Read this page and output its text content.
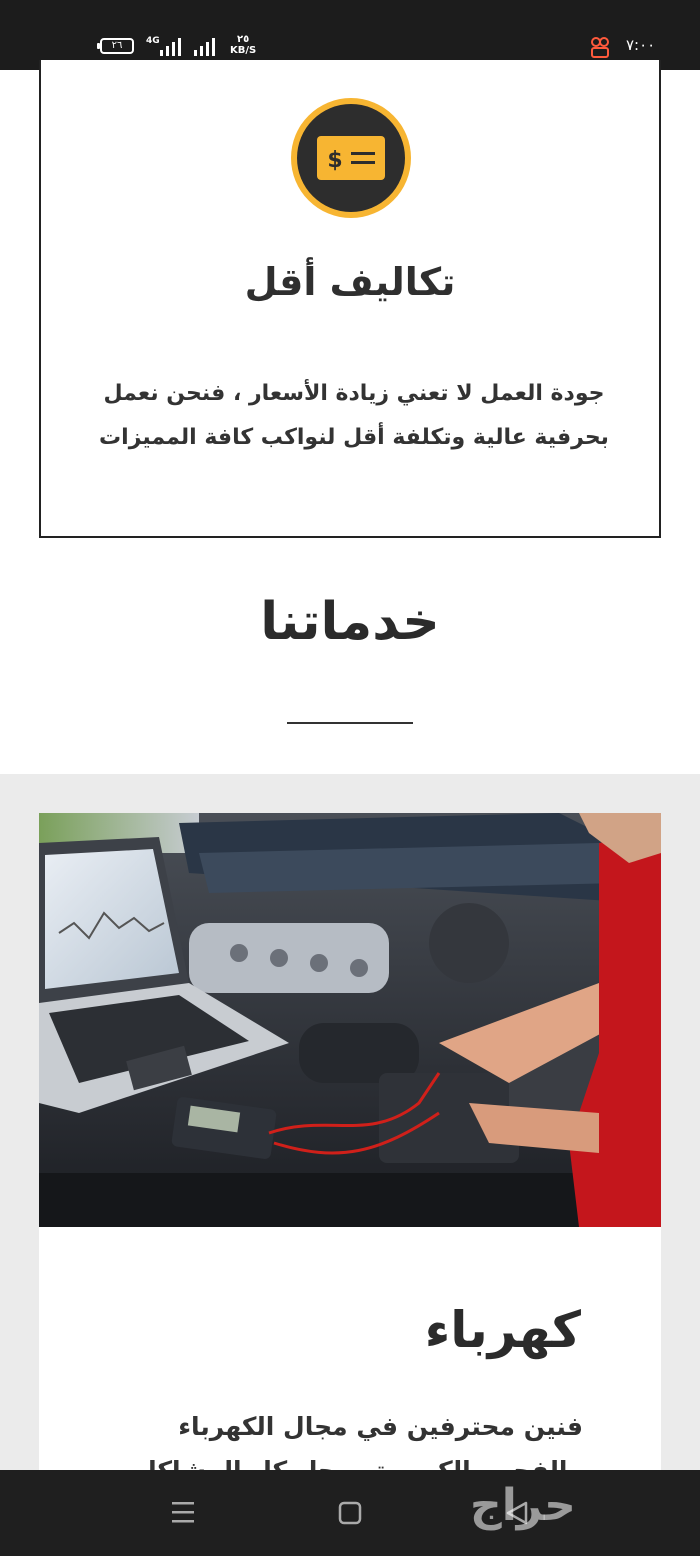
٢٦	4G	٢٥
KB/S	٧:٠٠
$
تكاليف أقل
جودة العمل لا تعني زيادة الأسعار ، فنحن نعمل بحرفية عالية وتكلفة أقل لنواكب كافة المميزات
خدماتنا
كهرباء
فنين محترفين في مجال الكهرباء
حراج
